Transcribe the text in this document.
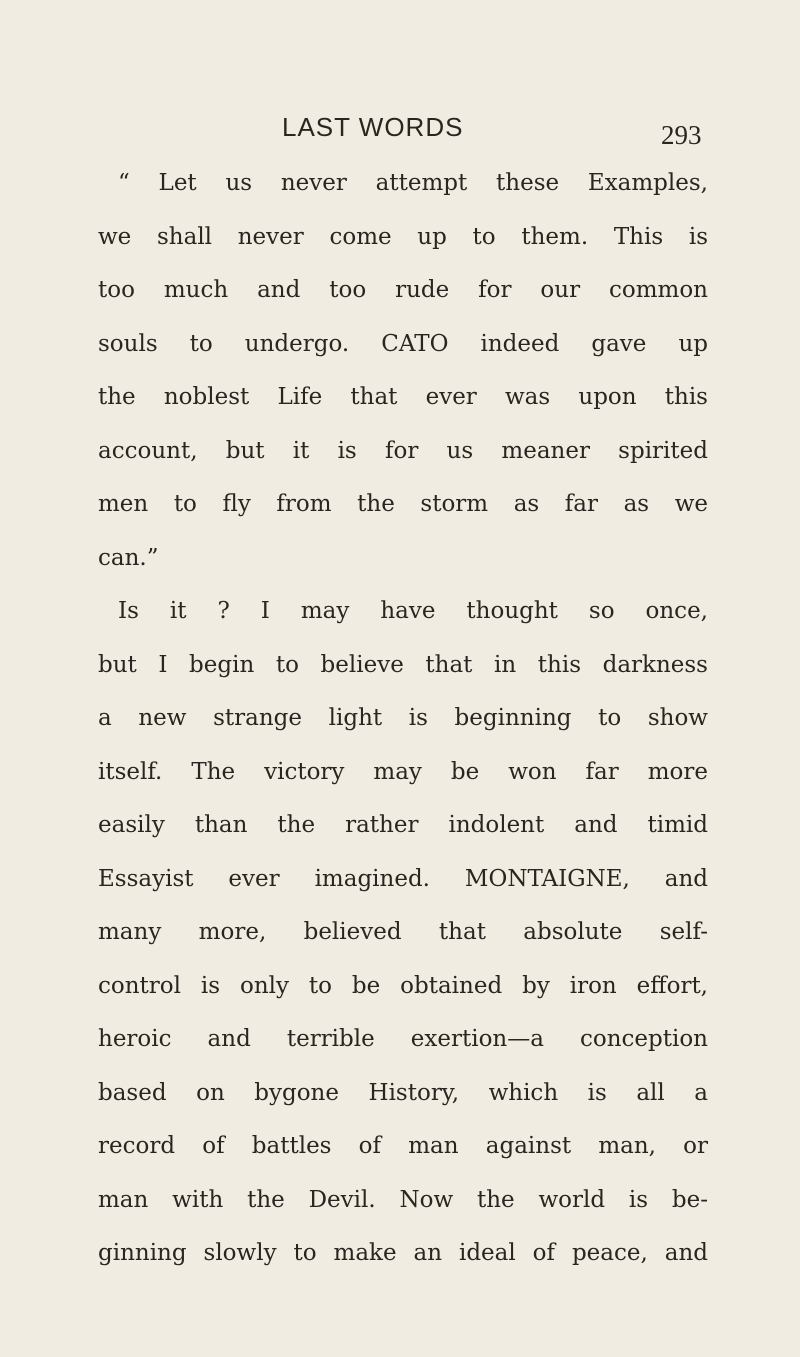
LAST WORDS	293
“ Let us never attempt these Examples,
we shall never come up to them. This is
too much and too rude for our common
souls to undergo. CATO indeed gave up
the noblest Life that ever was upon this
account, but it is for us meaner spirited
men to fly from the storm as far as we
can.”
Is it ? I may have thought so once,
but I begin to believe that in this darkness
a new strange light is beginning to show
itself. The victory may be won far more
easily than the rather indolent and timid
Essayist ever imagined. MONTAIGNE, and
many more, believed that absolute self-
control is only to be obtained by iron effort,
heroic and terrible exertion—a conception
based on bygone History, which is all a
record of battles of man against man, or
man with the Devil. Now the world is be-
ginning slowly to make an ideal of peace, and
